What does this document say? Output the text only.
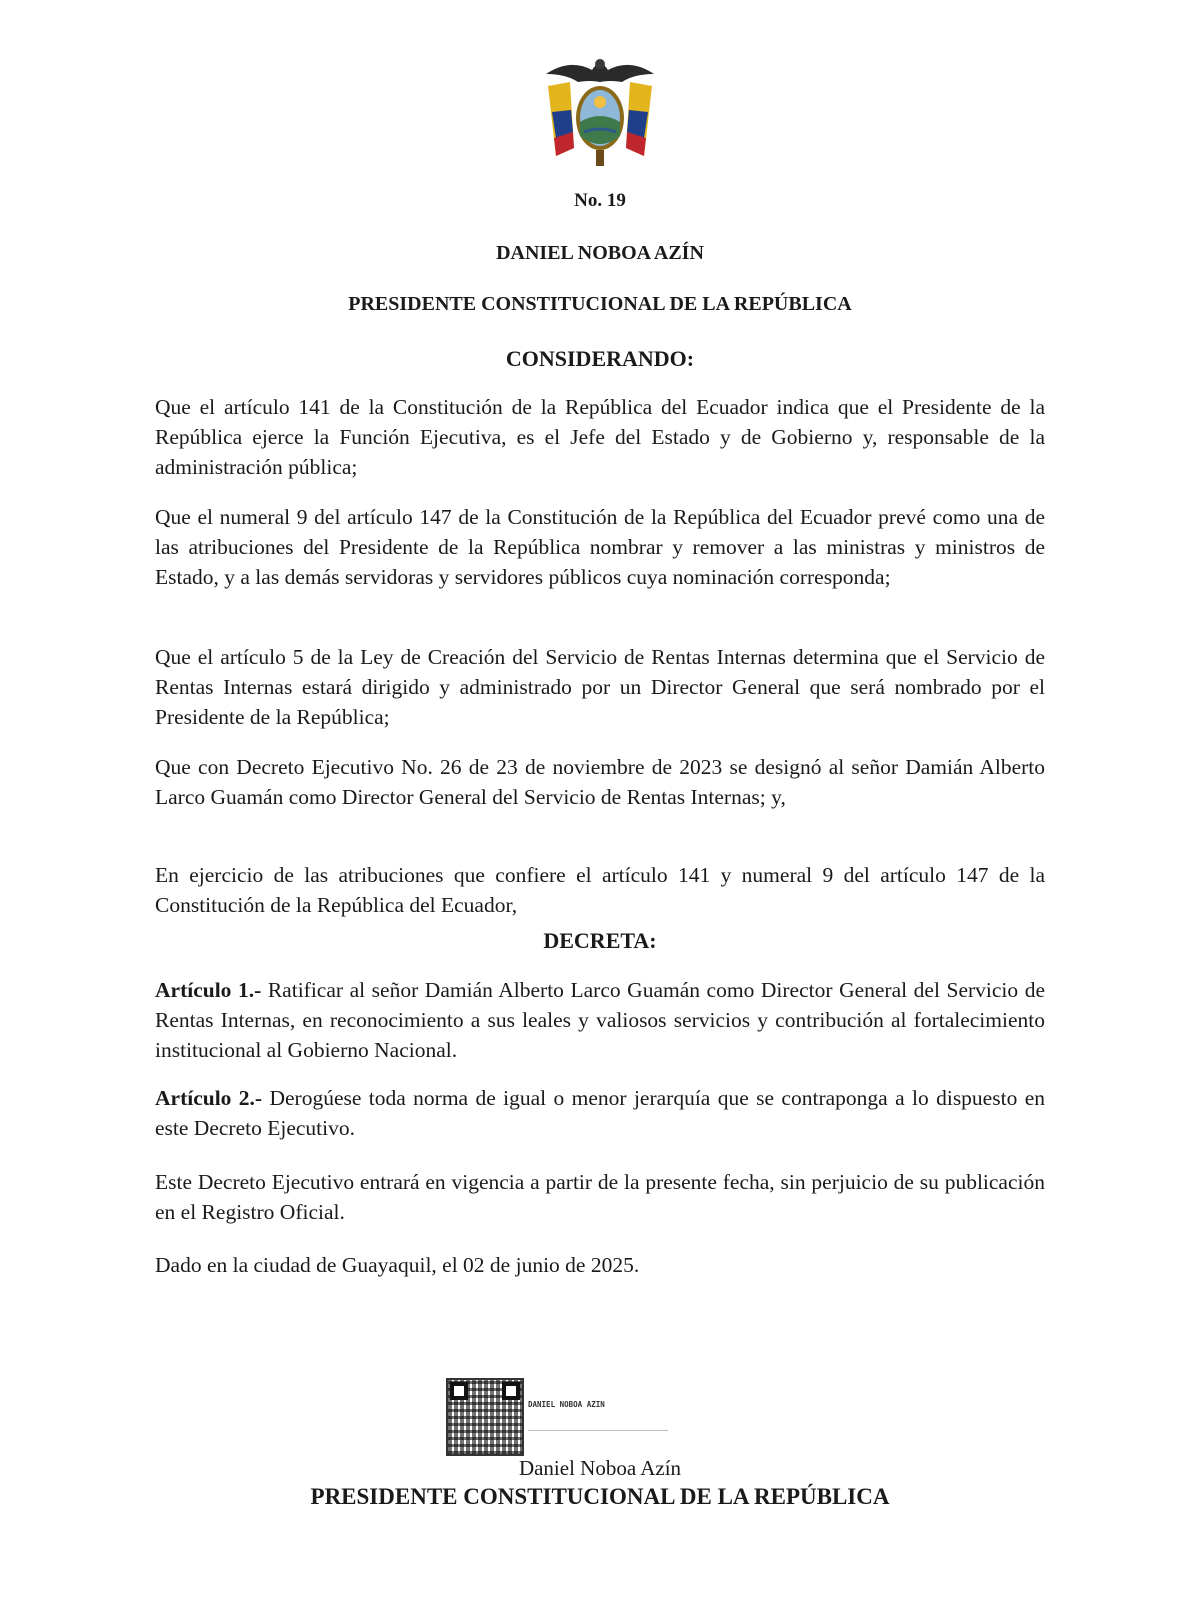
No. 19
DANIEL NOBOA AZÍN
PRESIDENTE CONSTITUCIONAL DE LA REPÚBLICA
CONSIDERANDO:

Que el artículo 141 de la Constitución de la República del Ecuador indica que el Presidente de la República ejerce la Función Ejecutiva, es el Jefe del Estado y de Gobierno y, responsable de la administración pública;

Que el numeral 9 del artículo 147 de la Constitución de la República del Ecuador prevé como una de las atribuciones del Presidente de la República nombrar y remover a las ministras y ministros de Estado, y a las demás servidoras y servidores públicos cuya nominación corresponda;

Que el artículo 5 de la Ley de Creación del Servicio de Rentas Internas determina que el Servicio de Rentas Internas estará dirigido y administrado por un Director General que será nombrado por el Presidente de la República;

Que con Decreto Ejecutivo No. 26 de 23 de noviembre de 2023 se designó al señor Damián Alberto Larco Guamán como Director General del Servicio de Rentas Internas; y,

En ejercicio de las atribuciones que confiere el artículo 141 y numeral 9 del artículo 147 de la Constitución de la República del Ecuador,

DECRETA:

Artículo 1.- Ratificar al señor Damián Alberto Larco Guamán como Director General del Servicio de Rentas Internas, en reconocimiento a sus leales y valiosos servicios y contribución al fortalecimiento institucional al Gobierno Nacional.

Artículo 2.- Derogúese toda norma de igual o menor jerarquía que se contraponga a lo dispuesto en este Decreto Ejecutivo.

Este Decreto Ejecutivo entrará en vigencia a partir de la presente fecha, sin perjuicio de su publicación en el Registro Oficial.

Dado en la ciudad de Guayaquil, el 02 de junio de 2025.

DANIEL NOBOA AZIN
Daniel Noboa Azín
PRESIDENTE CONSTITUCIONAL DE LA REPÚBLICA
